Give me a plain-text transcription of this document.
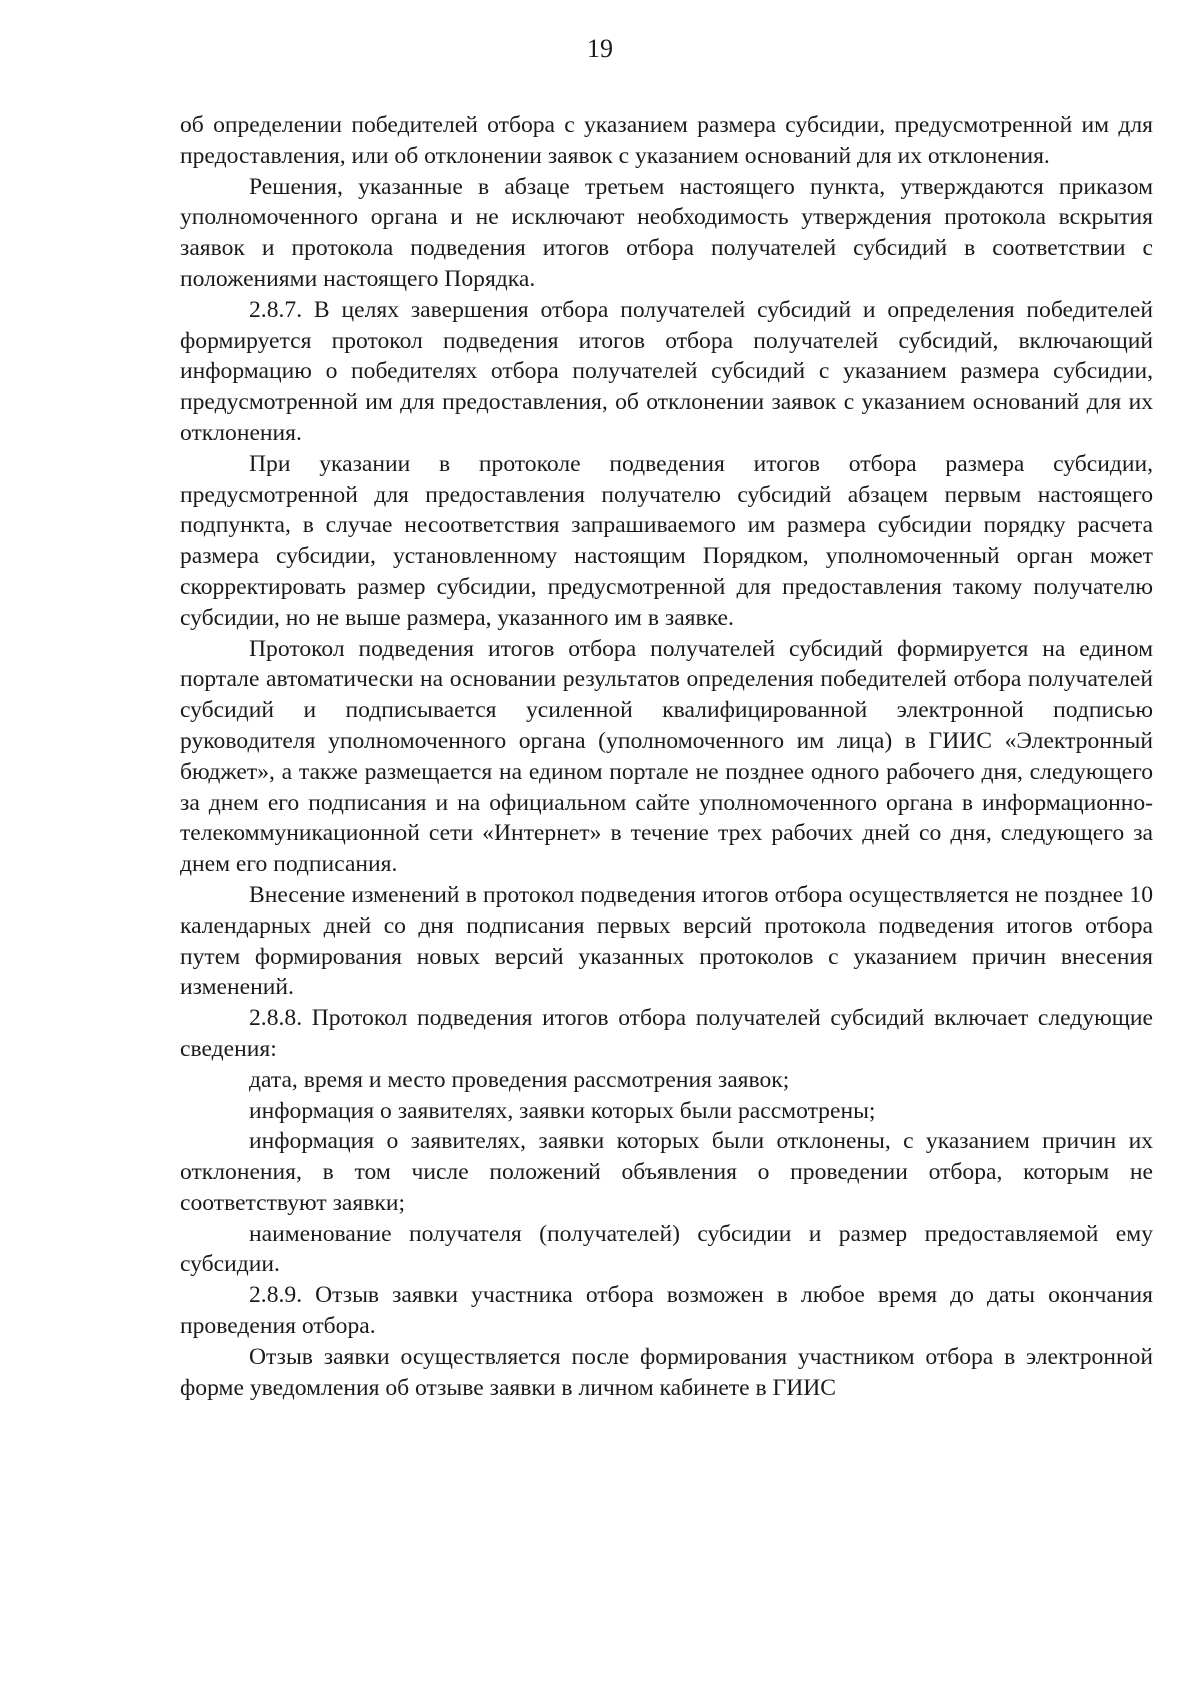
19

об определении победителей отбора с указанием размера субсидии, предусмотренной им для предоставления, или об отклонении заявок с указанием оснований для их отклонения.

Решения, указанные в абзаце третьем настоящего пункта, утверждаются приказом уполномоченного органа и не исключают необходимость утверждения протокола вскрытия заявок и протокола подведения итогов отбора получателей субсидий в соответствии с положениями настоящего Порядка.

2.8.7. В целях завершения отбора получателей субсидий и определения победителей формируется протокол подведения итогов отбора получателей субсидий, включающий информацию о победителях отбора получателей субсидий с указанием размера субсидии, предусмотренной им для предоставления, об отклонении заявок с указанием оснований для их отклонения.

При указании в протоколе подведения итогов отбора размера субсидии, предусмотренной для предоставления получателю субсидий абзацем первым настоящего подпункта, в случае несоответствия запрашиваемого им размера субсидии порядку расчета размера субсидии, установленному настоящим Порядком, уполномоченный орган может скорректировать размер субсидии, предусмотренной для предоставления такому получателю субсидии, но не выше размера, указанного им в заявке.

Протокол подведения итогов отбора получателей субсидий формируется на едином портале автоматически на основании результатов определения победителей отбора получателей субсидий и подписывается усиленной квалифицированной электронной подписью руководителя уполномоченного органа (уполномоченного им лица) в ГИИС «Электронный бюджет», а также размещается на едином портале не позднее одного рабочего дня, следующего за днем его подписания и на официальном сайте уполномоченного органа в информационно-телекоммуникационной сети «Интернет» в течение трех рабочих дней со дня, следующего за днем его подписания.

Внесение изменений в протокол подведения итогов отбора осуществляется не позднее 10 календарных дней со дня подписания первых версий протокола подведения итогов отбора путем формирования новых версий указанных протоколов с указанием причин внесения изменений.

2.8.8. Протокол подведения итогов отбора получателей субсидий включает следующие сведения:

дата, время и место проведения рассмотрения заявок;

информация о заявителях, заявки которых были рассмотрены;

информация о заявителях, заявки которых были отклонены, с указанием причин их отклонения, в том числе положений объявления о проведении отбора, которым не соответствуют заявки;

наименование получателя (получателей) субсидии и размер предоставляемой ему субсидии.

2.8.9. Отзыв заявки участника отбора возможен в любое время до даты окончания проведения отбора.

Отзыв заявки осуществляется после формирования участником отбора в электронной форме уведомления об отзыве заявки в личном кабинете в ГИИС
